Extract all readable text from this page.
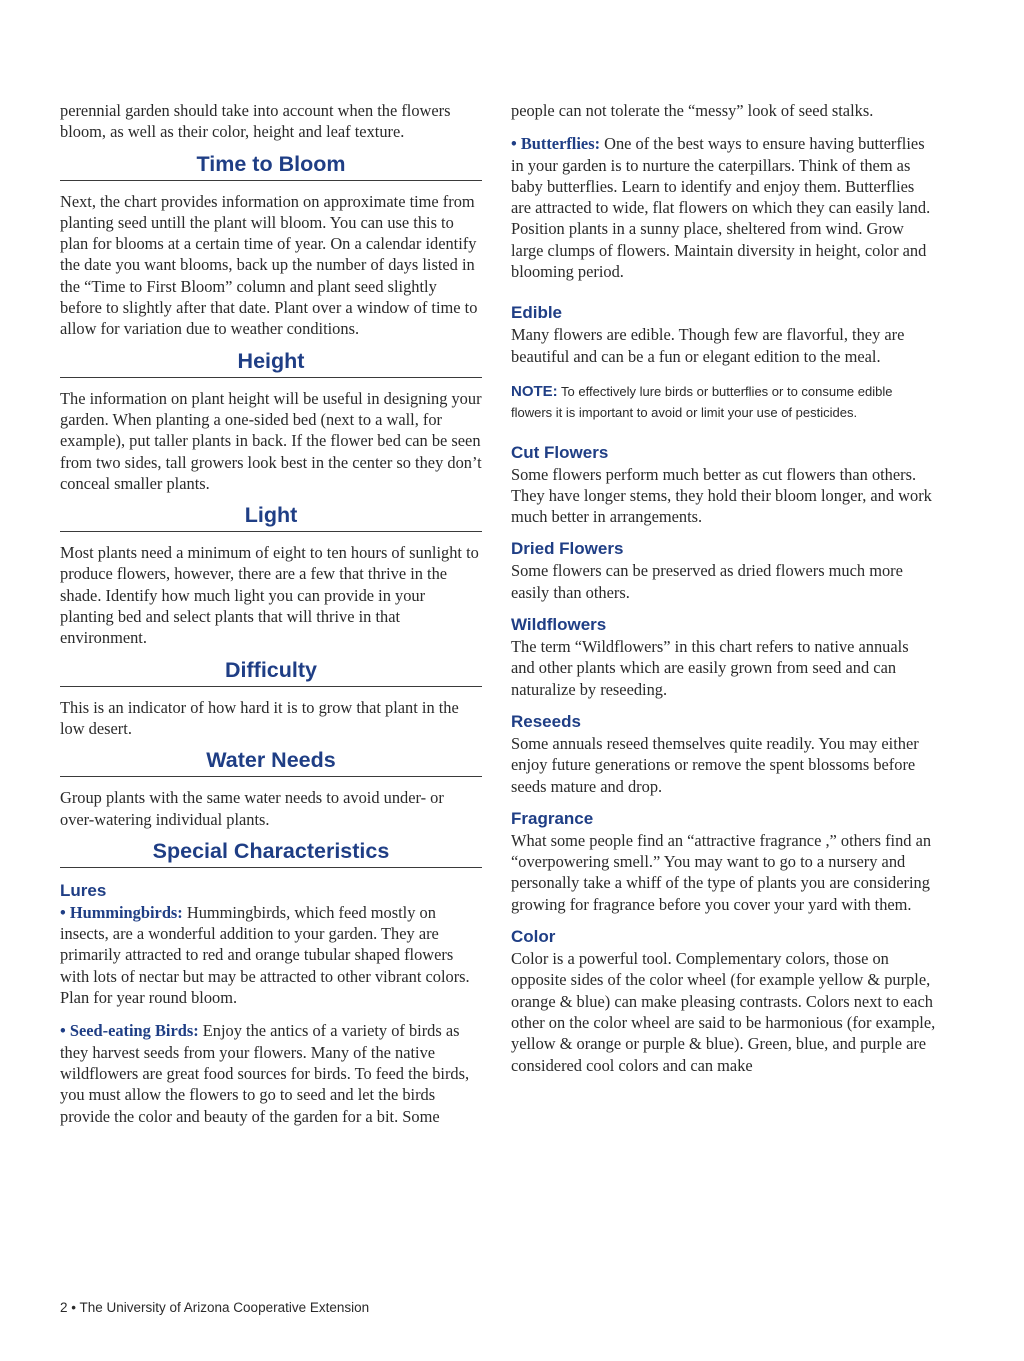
perennial garden should take into account when the flowers bloom, as well as their color, height and leaf texture.

Time to Bloom

Next, the chart provides information on approximate time from planting seed untill the plant will bloom. You can use this to plan for blooms at a certain time of year. On a calendar identify the date you want blooms, back up the number of days listed in the “Time to First Bloom” column and plant seed slightly before to slightly after that date. Plant over a window of time to allow for variation due to weather conditions.

Height

The information on plant height will be useful in designing your garden. When planting a one-sided bed (next to a wall, for example), put taller plants in back. If the flower bed can be seen from two sides, tall growers look best in the center so they don’t conceal smaller plants.

Light

Most plants need a minimum of eight to ten hours of sunlight to produce flowers, however, there are a few that thrive in the shade. Identify how much light you can provide in your planting bed and select plants that will thrive in that environment.

Difficulty

This is an indicator of how hard it is to grow that plant in the low desert.

Water Needs

Group plants with the same water needs to avoid under- or over-watering individual plants.

Special Characteristics
Lures

• Hummingbirds: Hummingbirds, which feed mostly on insects, are a wonderful addition to your garden. They are primarily attracted to red and orange tubular shaped flowers with lots of nectar but may be attracted to other vibrant colors. Plan for year round bloom.

• Seed-eating Birds: Enjoy the antics of a variety of birds as they harvest seeds from your flowers. Many of the native wildflowers are great food sources for birds. To feed the birds, you must allow the flowers to go to seed and let the birds provide the color and beauty of the garden for a bit. Some

people can not tolerate the “messy” look of seed stalks.

• Butterflies: One of the best ways to ensure having butterflies in your garden is to nurture the caterpillars. Think of them as baby butterflies. Learn to identify and enjoy them. Butterflies are attracted to wide, flat flowers on which they can easily land. Position plants in a sunny place, sheltered from wind. Grow large clumps of flowers. Maintain diversity in height, color and blooming period.

Edible

Many flowers are edible. Though few are flavorful, they are beautiful and can be a fun or elegant edition to the meal.

NOTE: To effectively lure birds or butterflies or to consume edible flowers it is important to avoid or limit your use of pesticides.

Cut Flowers

Some flowers perform much better as cut flowers than others. They have longer stems, they hold their bloom longer, and work much better in arrangements.

Dried Flowers

Some flowers can be preserved as dried flowers much more easily than others.

Wildflowers

The term “Wildflowers” in this chart refers to native annuals and other plants which are easily grown from seed and can naturalize by reseeding.

Reseeds

Some annuals reseed themselves quite readily. You may either enjoy future generations or remove the spent blossoms before seeds mature and drop.

Fragrance

What some people find an “attractive fragrance ,” others find an “overpowering smell.” You may want to go to a nursery and personally take a whiff of the type of plants you are considering growing for fragrance before you cover your yard with them.

Color

Color is a powerful tool. Complementary colors, those on opposite sides of the color wheel (for example yellow & purple, orange & blue) can make pleasing contrasts. Colors next to each other on the color wheel are said to be harmonious (for example, yellow & orange or purple & blue). Green, blue, and purple are considered cool colors and can make

2 • The University of Arizona Cooperative Extension
